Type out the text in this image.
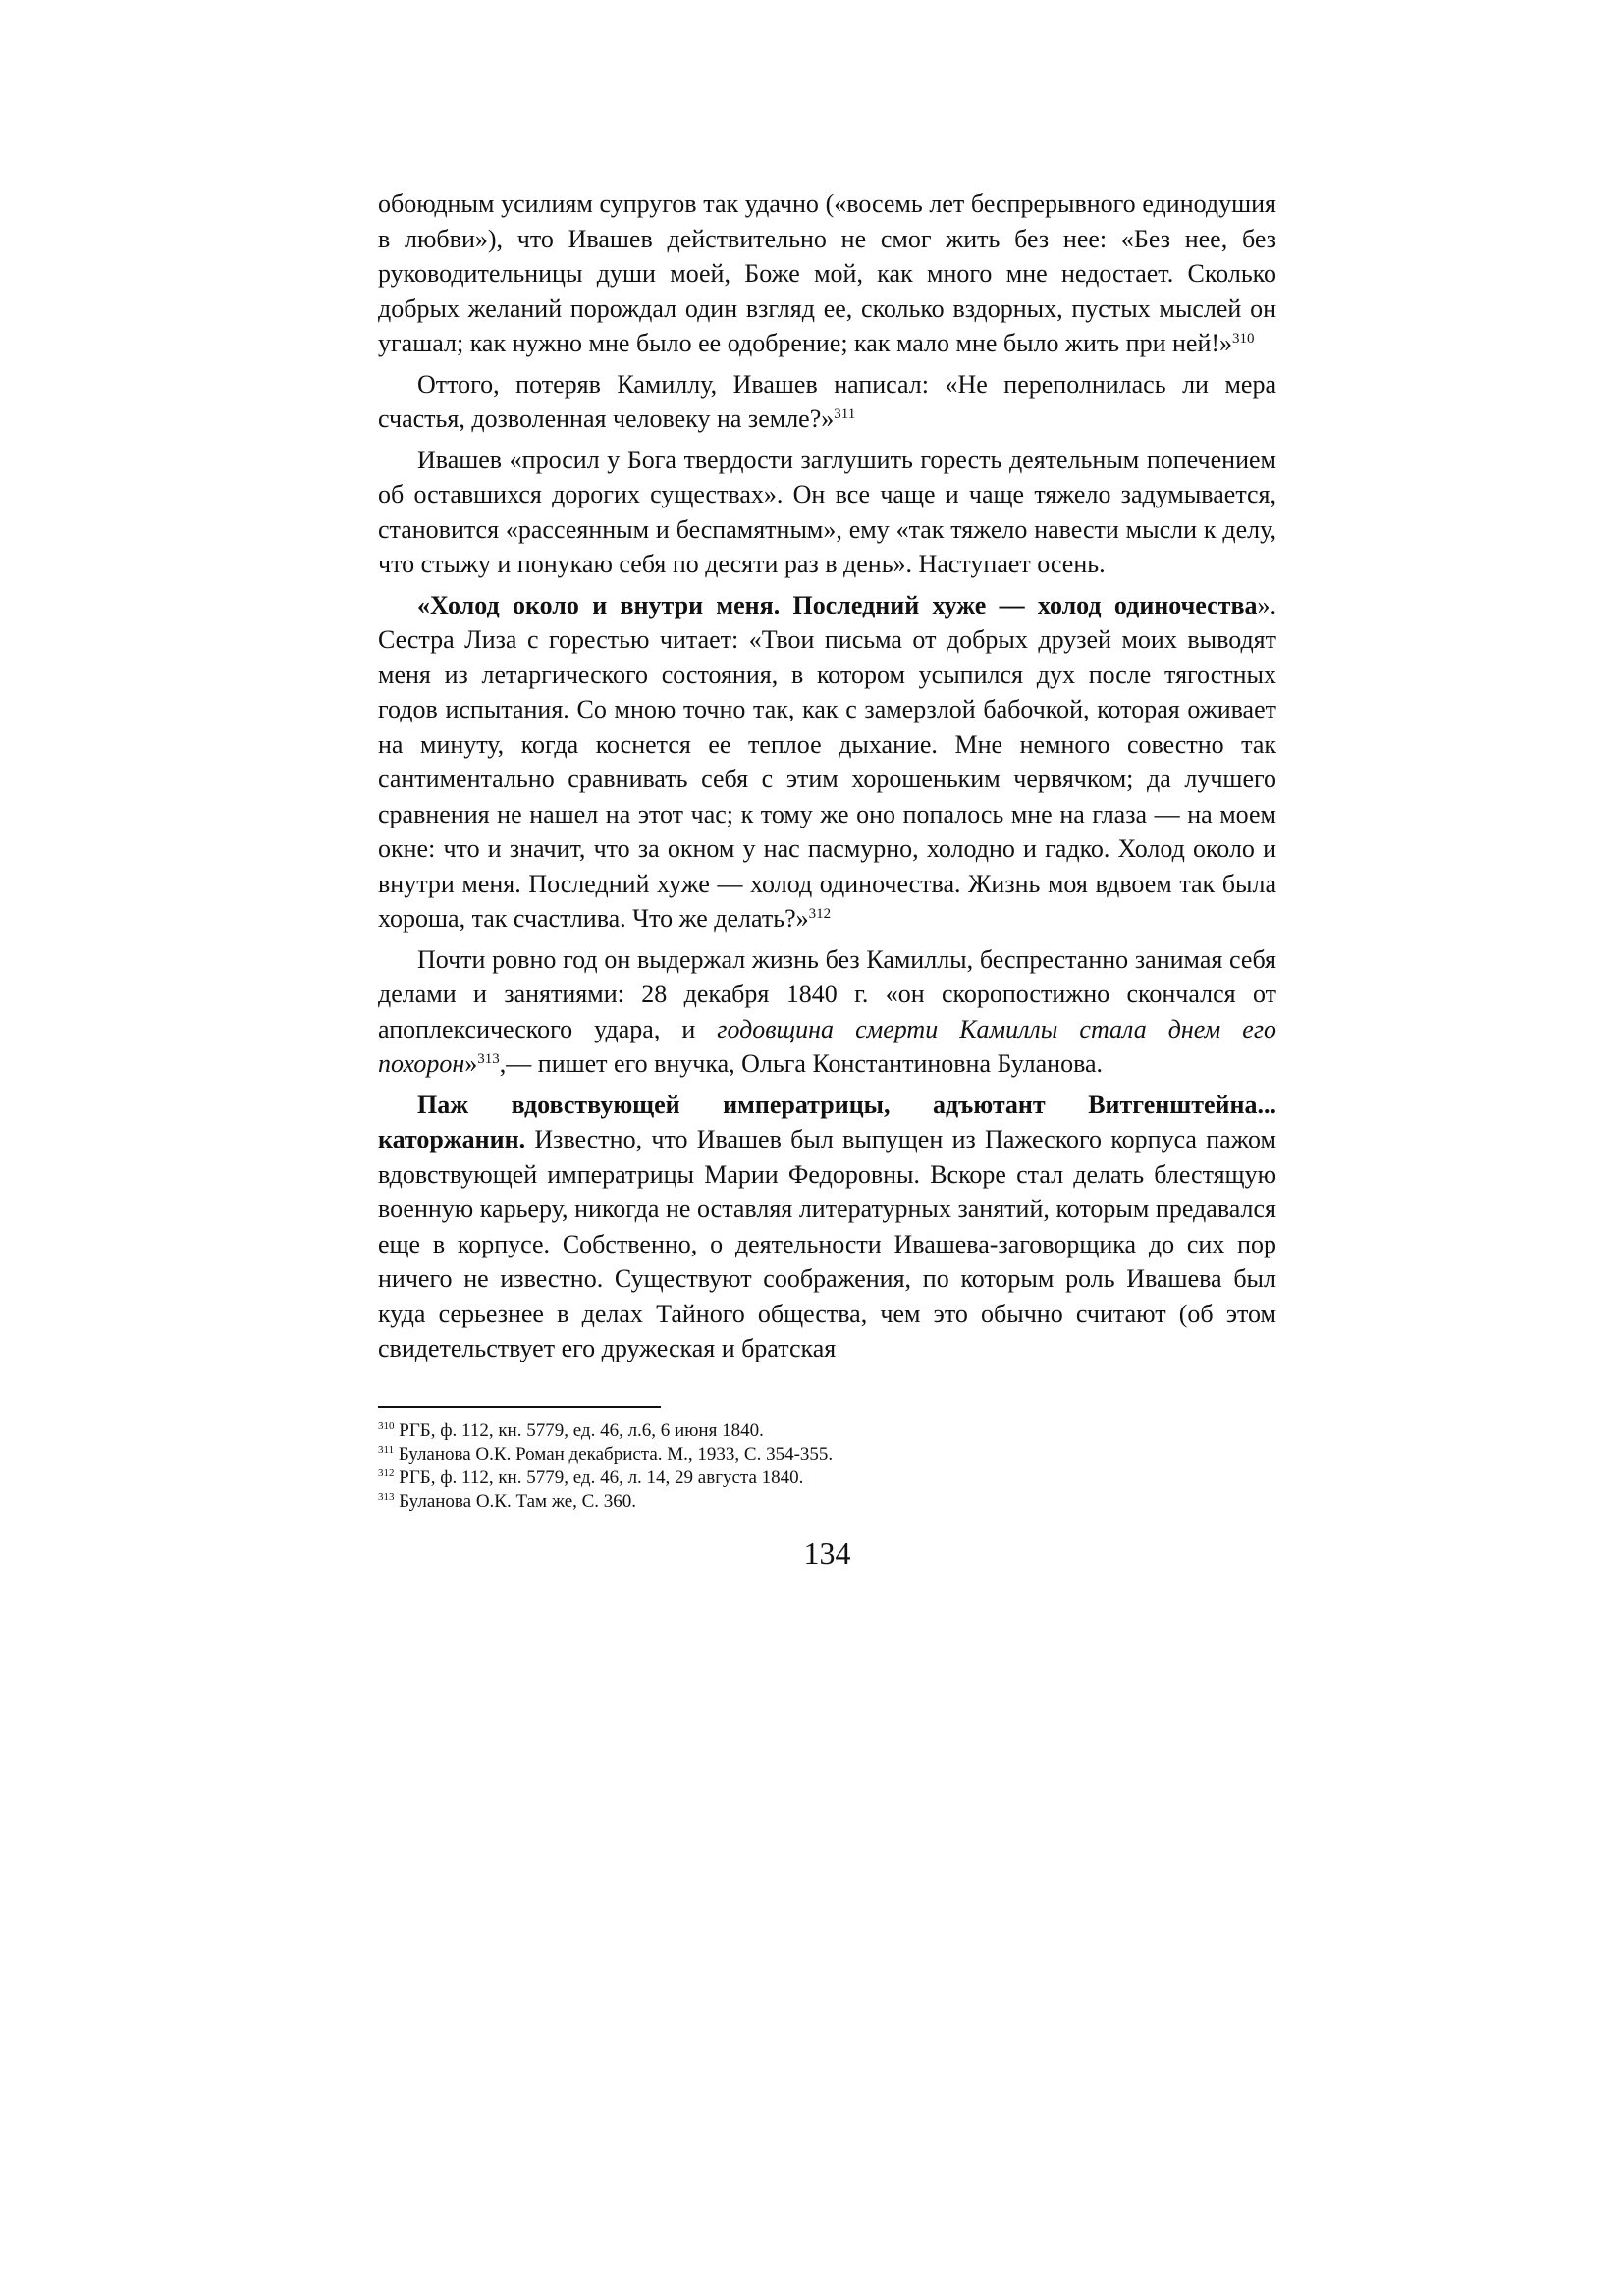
обоюдным усилиям супругов так удачно («восемь лет беспрерывного единодушия в любви»), что Ивашев действительно не смог жить без нее: «Без нее, без руководительницы души моей, Боже мой, как много мне недостает. Сколько добрых желаний порождал один взгляд ее, сколько вздорных, пустых мыслей он угашал; как нужно мне было ее одобрение; как мало мне было жить при ней!»$^{310}$

Оттого, потеряв Камиллу, Ивашев написал: «Не переполнилась ли мера счастья, дозволенная человеку на земле?»$^{311}$

Ивашев «просил у Бога твердости заглушить горесть деятельным попечением об оставшихся дорогих существах». Он все чаще и чаще тяжело задумывается, становится «рассеянным и беспамятным», ему «так тяжело навести мысли к делу, что стыжу и понукаю себя по десяти раз в день». Наступает осень.

«Холод около и внутри меня. Последний хуже — холод одиночества». Сестра Лиза с горестью читает: «Твои письма от добрых друзей моих выводят меня из летаргического состояния, в котором усыпился дух после тягостных годов испытания. Со мною точно так, как с замерзлой бабочкой, которая оживает на минуту, когда коснется ее теплое дыхание. Мне немного совестно так сантиментально сравнивать себя с этим хорошеньким червячком; да лучшего сравнения не нашел на этот час; к тому же оно попалось мне на глаза — на моем окне: что и значит, что за окном у нас пасмурно, холодно и гадко. Холод около и внутри меня. Последний хуже — холод одиночества. Жизнь моя вдвоем так была хороша, так счастлива. Что же делать?»$^{312}$

Почти ровно год он выдержал жизнь без Камиллы, беспрестанно занимая себя делами и занятиями: 28 декабря 1840 г. «он скоропостижно скончался от апоплексического удара, и годовщина смерти Камиллы стала днем его похорон»$^{313}$,— пишет его внучка, Ольга Константиновна Буланова.

Паж вдовствующей императрицы, адъютант Витгенштейна... каторжанин. Известно, что Ивашев был выпущен из Пажеского корпуса пажом вдовствующей императрицы Марии Федоровны. Вскоре стал делать блестящую военную карьеру, никогда не оставляя литературных занятий, которым предавался еще в корпусе. Собственно, о деятельности Ивашева-заговорщика до сих пор ничего не известно. Существуют соображения, по которым роль Ивашева был куда серьезнее в делах Тайного общества, чем это обычно считают (об этом свидетельствует его дружеская и братская

$^{310}$ РГБ, ф. 112, кн. 5779, ед. 46, л.6, 6 июня 1840.
$^{311}$ Буланова О.К. Роман декабриста. М., 1933, С. 354-355.
$^{312}$ РГБ, ф. 112, кн. 5779, ед. 46, л. 14, 29 августа 1840.
$^{313}$ Буланова О.К. Там же, С. 360.
134
